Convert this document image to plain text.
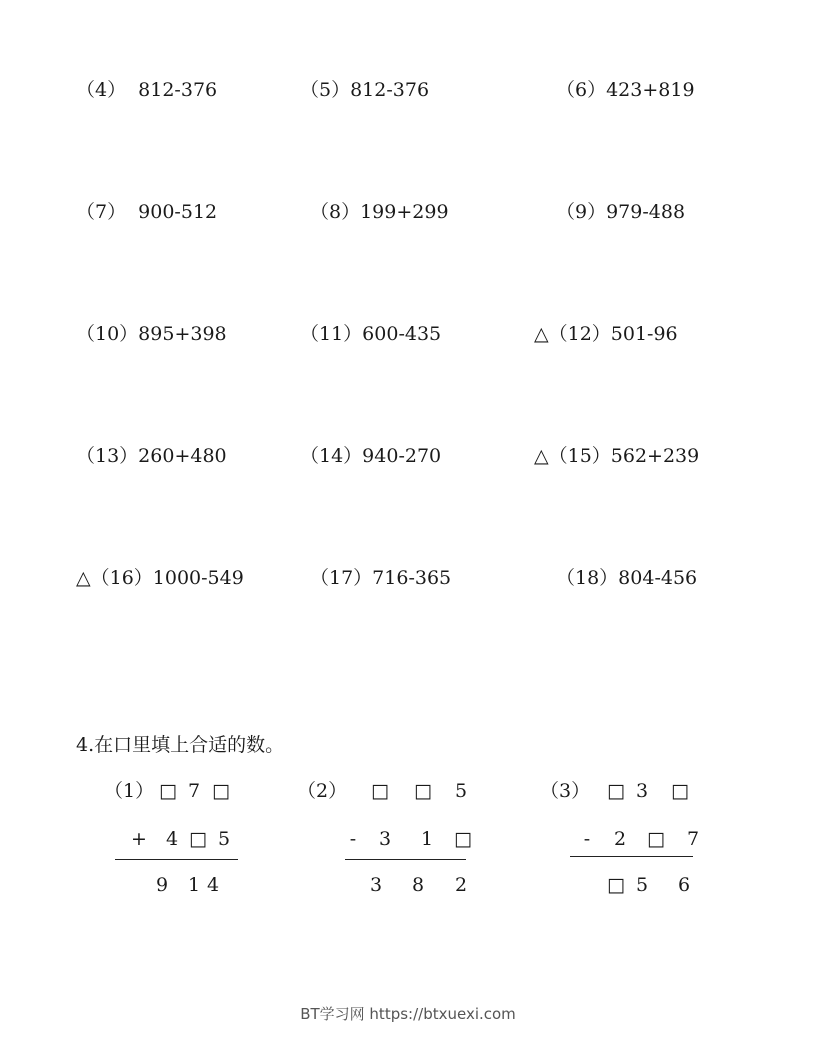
（4）  812-376	（5）812-376	（6）423+819
（7）  900-512	（8）199+299	（9）979-488
（10）895+398	（11）600-435	△（12）501-96
（13）260+480	（14）940-270	△（15）562+239
△（16）1000-549	（17）716-365	（18）804-456
4.在口里填上合适的数。
（1） □ 7 □
+	4 □ 5
9	1 4
（2） □ □	5
-	3	1	□
3	8	2
（3） □ 3	□
-	2	□	7
□ 5	6
BT学习网 https://btxuexi.com
